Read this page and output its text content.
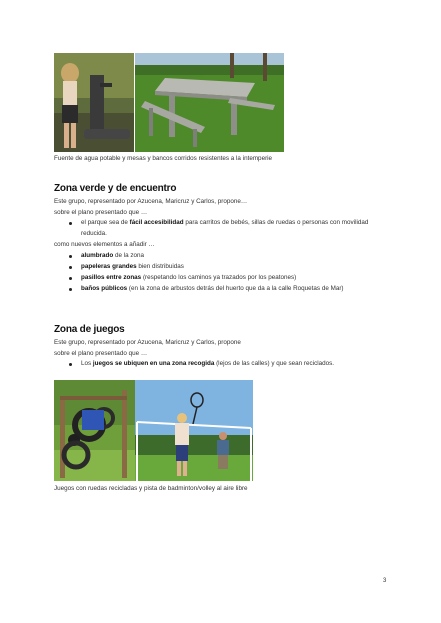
Fuente de agua potable y mesas y bancos corridos resistentes a la intemperie
Zona verde y de encuentro
Este grupo, representado por Azucena, Maricruz y Carlos, propone…
sobre el plano presentado que …
el parque sea de fácil accesibilidad para carritos de bebés, sillas de ruedas o personas con movilidad
reducida.
como nuevos elementos a añadir …
alumbrado de la zona
papeleras grandes bien distribuidas
pasillos entre zonas (respetando los caminos ya trazados por los peatones)
baños públicos (en la zona de arbustos detrás del huerto que da a la calle Roquetas de Mar)
Zona de juegos
Este grupo, representado por Azucena, Maricruz y Carlos, propone
sobre el plano presentado que …
Los juegos se ubiquen en una zona recogida (lejos de las calles) y que sean reciclados.
Juegos con ruedas recicladas y pista de badminton/volley al aire libre
3
